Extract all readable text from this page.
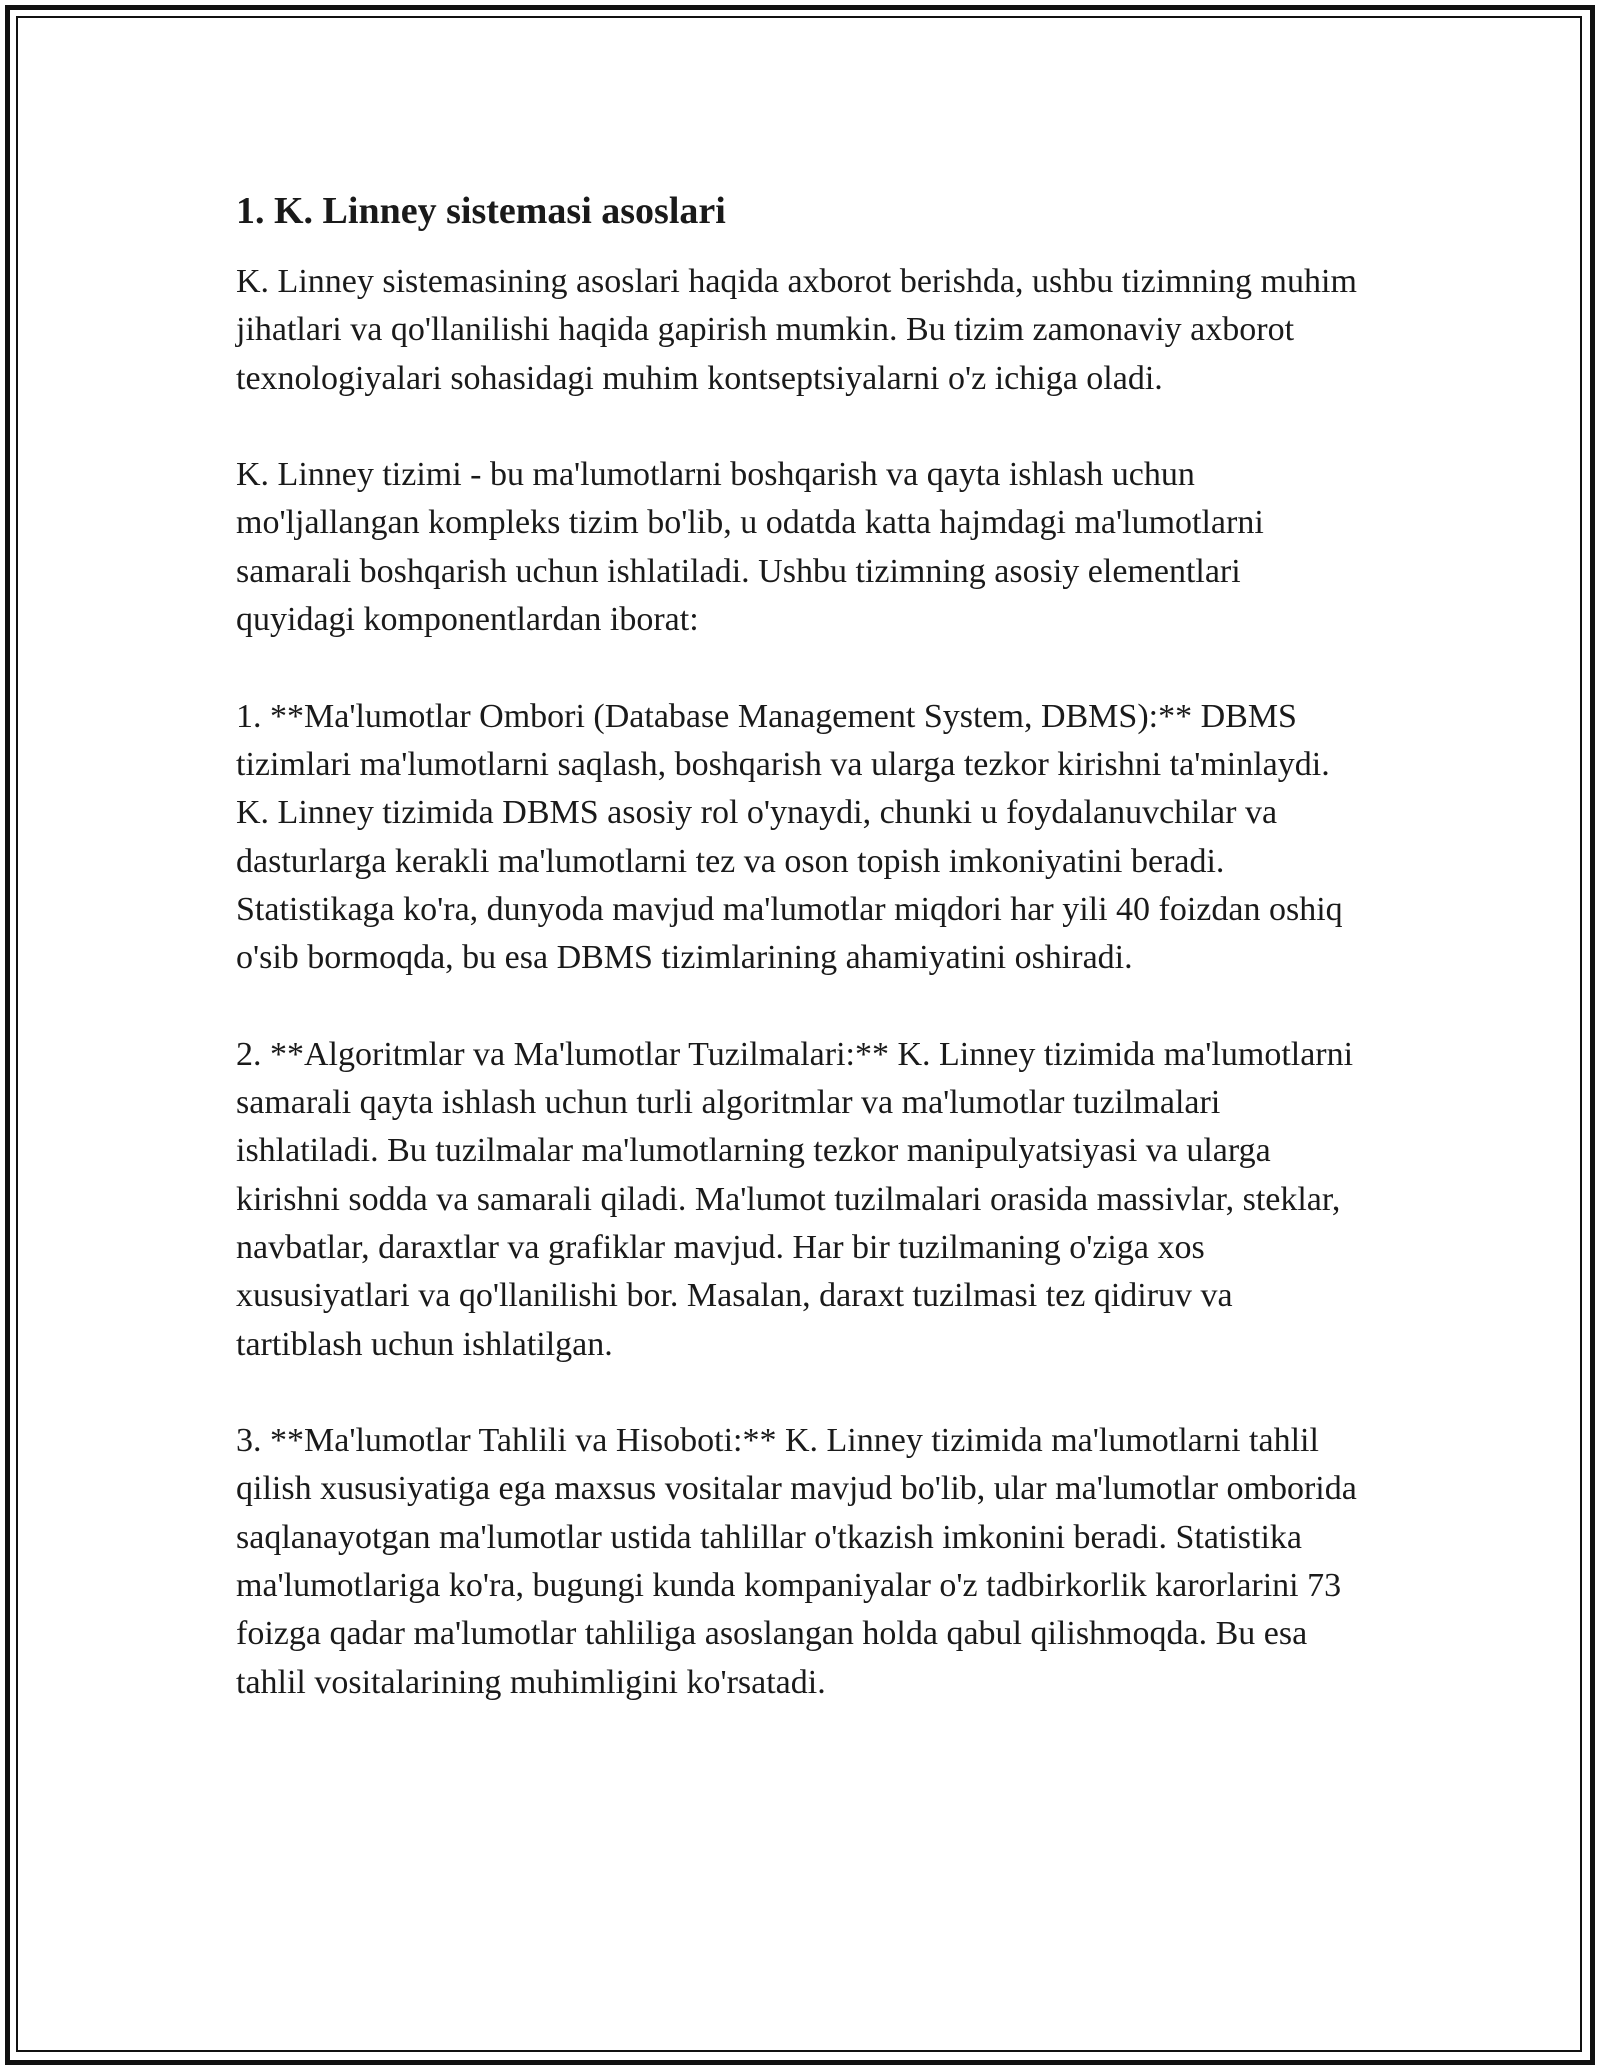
1. K. Linney sistemasi asoslari

K. Linney sistemasining asoslari haqida axborot berishda, ushbu tizimning muhim jihatlari va qo'llanilishi haqida gapirish mumkin. Bu tizim zamonaviy axborot texnologiyalari sohasidagi muhim kontseptsiyalarni o'z ichiga oladi.

K. Linney tizimi - bu ma'lumotlarni boshqarish va qayta ishlash uchun mo'ljallangan kompleks tizim bo'lib, u odatda katta hajmdagi ma'lumotlarni samarali boshqarish uchun ishlatiladi. Ushbu tizimning asosiy elementlari quyidagi komponentlardan iborat:

1. **Ma'lumotlar Ombori (Database Management System, DBMS):** DBMS tizimlari ma'lumotlarni saqlash, boshqarish va ularga tezkor kirishni ta'minlaydi. K. Linney tizimida DBMS asosiy rol o'ynaydi, chunki u foydalanuvchilar va dasturlarga kerakli ma'lumotlarni tez va oson topish imkoniyatini beradi. Statistikaga ko'ra, dunyoda mavjud ma'lumotlar miqdori har yili 40 foizdan oshiq o'sib bormoqda, bu esa DBMS tizimlarining ahamiyatini oshiradi.

2. **Algoritmlar va Ma'lumotlar Tuzilmalari:** K. Linney tizimida ma'lumotlarni samarali qayta ishlash uchun turli algoritmlar va ma'lumotlar tuzilmalari ishlatiladi. Bu tuzilmalar ma'lumotlarning tezkor manipulyatsiyasi va ularga kirishni sodda va samarali qiladi. Ma'lumot tuzilmalari orasida massivlar, steklar, navbatlar, daraxtlar va grafiklar mavjud. Har bir tuzilmaning o'ziga xos xususiyatlari va qo'llanilishi bor. Masalan, daraxt tuzilmasi tez qidiruv va tartiblash uchun ishlatilgan.

3. **Ma'lumotlar Tahlili va Hisoboti:** K. Linney tizimida ma'lumotlarni tahlil qilish xususiyatiga ega maxsus vositalar mavjud bo'lib, ular ma'lumotlar omborida saqlanayotgan ma'lumotlar ustida tahlillar o'tkazish imkonini beradi. Statistika ma'lumotlariga ko'ra, bugungi kunda kompaniyalar o'z tadbirkorlik karorlarini 73 foizga qadar ma'lumotlar tahliliga asoslangan holda qabul qilishmoqda. Bu esa tahlil vositalarining muhimligini ko'rsatadi.
